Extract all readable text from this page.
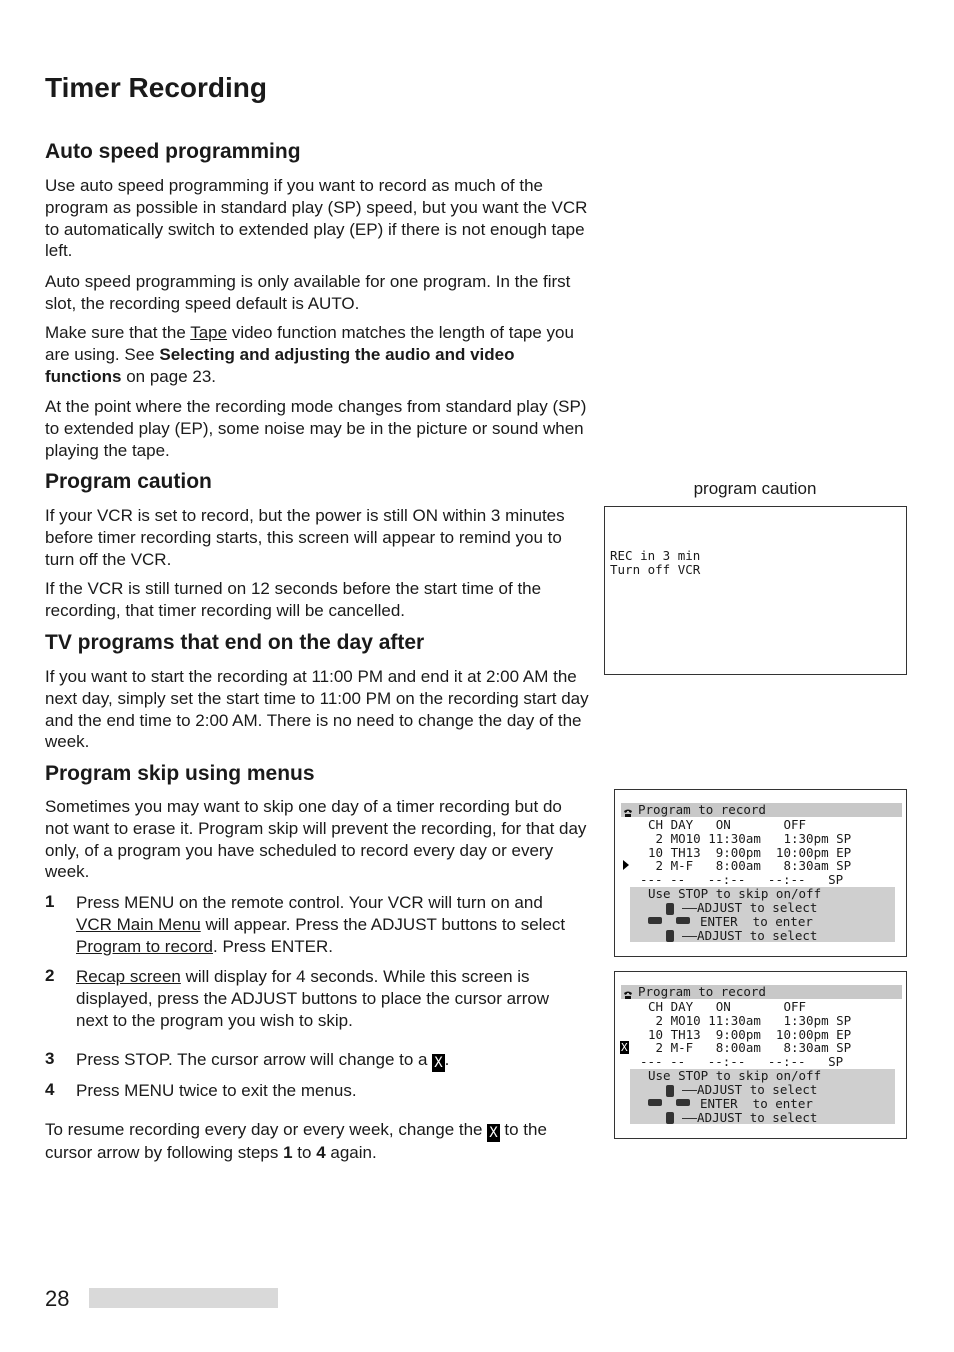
Timer Recording
Auto speed programming

Use auto speed programming if you want to record as much of the program as possible in standard play (SP) speed, but you want the VCR to automatically switch to extended play (EP) if there is not enough tape left.

Auto speed programming is only available for one program. In the first slot, the recording speed default is AUTO.

Make sure that the Tape video function matches the length of tape you are using. See Selecting and adjusting the audio and video functions on page 23.

At the point where the recording mode changes from standard play (SP) to extended play (EP), some noise may be in the picture or sound when playing the tape.

Program caution

If your VCR is set to record, but the power is still ON within 3 minutes before timer recording starts, this screen will appear to remind you to turn off the VCR.

If the VCR is still turned on 12 seconds before the start time of the recording, that timer recording will be cancelled.

program caution
REC in 3 min
Turn off VCR
TV programs that end on the day after

If you want to start the recording at 11:00 PM and end it at 2:00 AM the next day, simply set the start time to 11:00 PM on the recording start day and the end time to 2:00 AM. There is no need to change the day of the week.

Program skip using menus

Sometimes you may want to skip one day of a timer recording but do not want to erase it. Program skip will prevent the recording, for that day only, of a program you have scheduled to record every day or every week.

1 Press MENU on the remote control. Your VCR will turn on and VCR Main Menu will appear. Press the ADJUST buttons to select Program to record. Press ENTER.
2 Recap screen will display for 4 seconds. While this screen is displayed, press the ADJUST buttons to place the cursor arrow next to the program you wish to skip.
3 Press STOP. The cursor arrow will change to a X .
4 Press MENU twice to exit the menus.

To resume recording every day or every week, change the X to the cursor arrow by following steps 1 to 4 again.

Program to record
CH DAY   ON       OFF
2 MO10 11:30am   1:30pm SP
10 TH13  9:00pm  10:00pm EP
2 M-F   8:00am   8:30am SP
--- --   --:--   --:--   SP
Use STOP to skip on/off
——ADJUST to select
ENTER  to enter
——ADJUST to select
Program to record
CH DAY   ON       OFF
2 MO10 11:30am   1:30pm SP
10 TH13  9:00pm  10:00pm EP
X 2 M-F   8:00am   8:30am SP
--- --   --:--   --:--   SP
Use STOP to skip on/off
——ADJUST to select
ENTER  to enter
——ADJUST to select
28
